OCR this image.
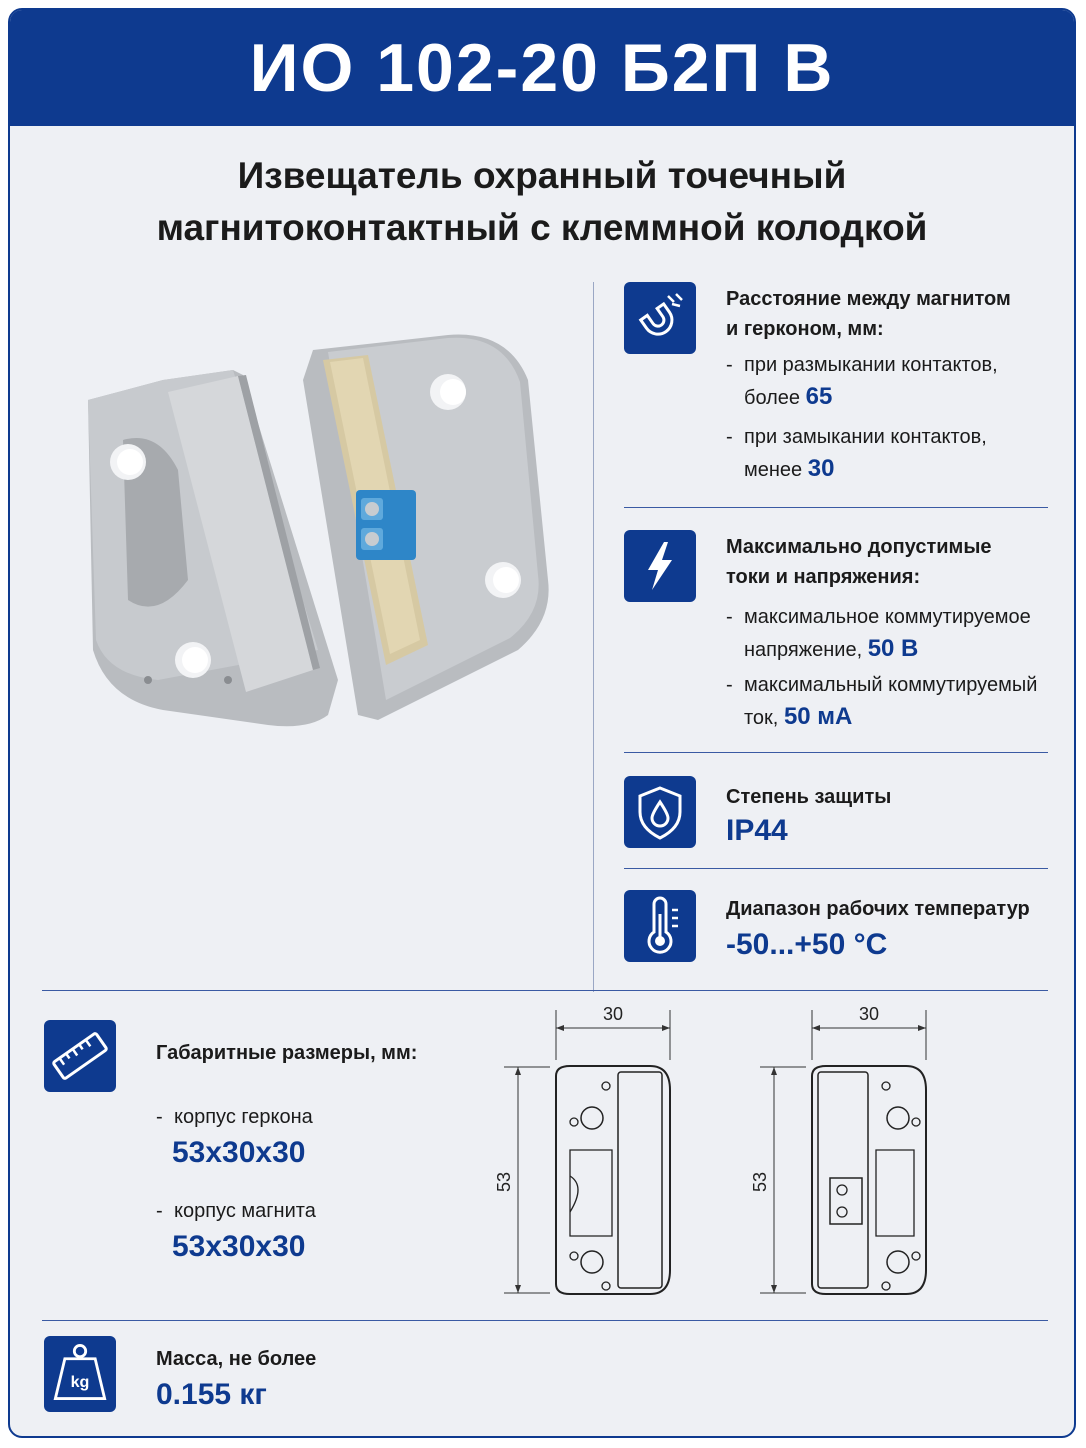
ИО 102-20 Б2П В
Извещатель охранный точечный
магнитоконтактный с клеммной колодкой
Расстояние между магнитом
и герконом, мм:
- при размыкании контактов,
более 65
- при замыкании контактов,
менее 30
Максимально допустимые
токи и напряжения:
- максимальное коммутируемое
напряжение, 50 В
- максимальный коммутируемый
ток, 50 мА
Степень защиты
IP44
Диапазон рабочих температур
-50...+50 °C
Габаритные размеры, мм:
- корпус геркона
53x30x30
- корпус магнита
53x30x30
30
53
30
53
kg
Масса, не более
0.155 кг
